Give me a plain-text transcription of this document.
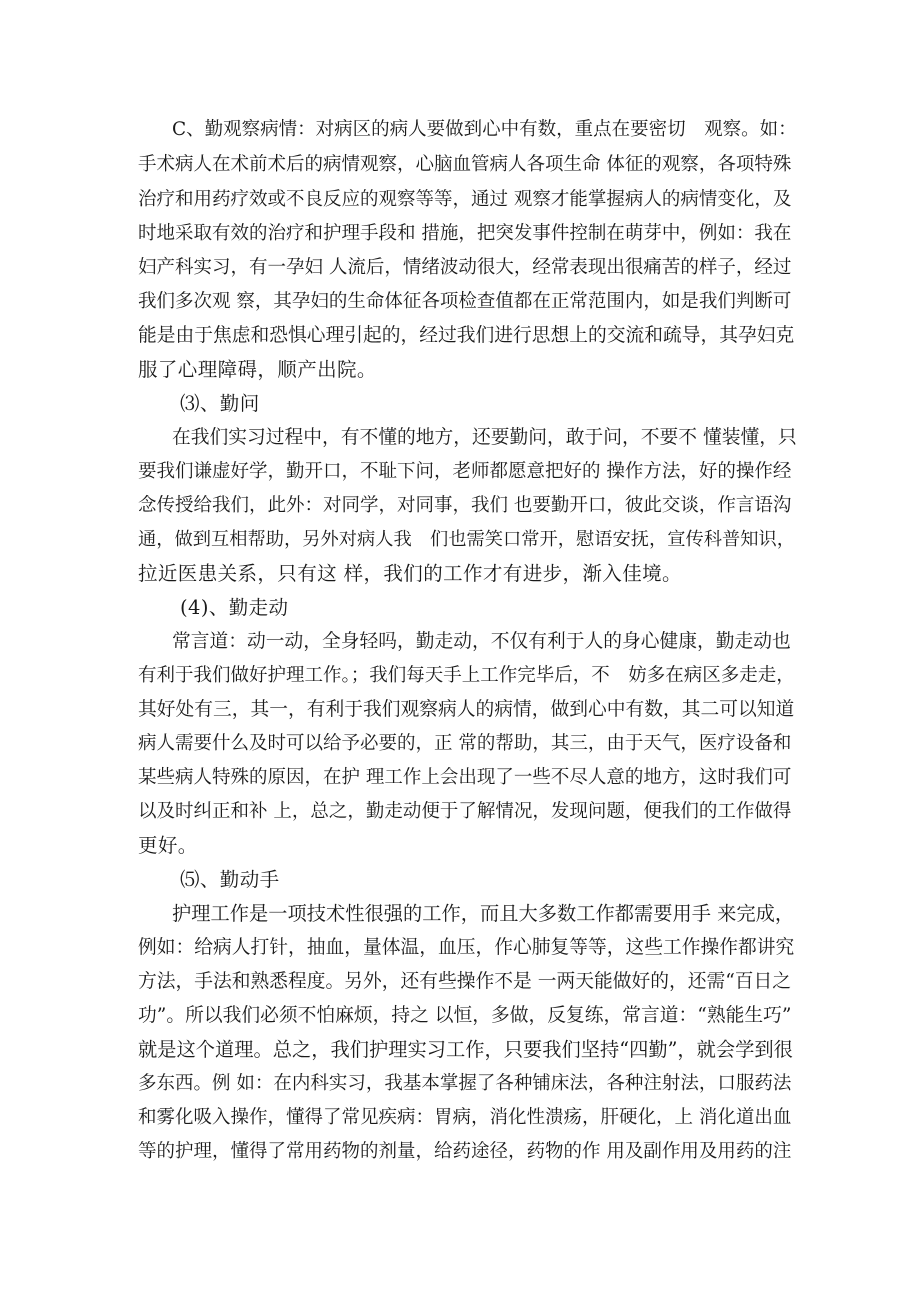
C、勤观察病情：对病区的病人要做到心中有数，重点在要密切　观察。如：
手术病人在术前术后的病情观察，心脑血管病人各项生命 体征的观察，各项特殊
治疗和用药疗效或不良反应的观察等等，通过 观察才能掌握病人的病情变化，及
时地采取有效的治疗和护理手段和 措施，把突发事件控制在萌芽中，例如：我在
妇产科实习，有一孕妇 人流后，情绪波动很大，经常表现出很痛苦的样子，经过
我们多次观 察，其孕妇的生命体征各项检查值都在正常范围内，如是我们判断可
能是由于焦虑和恐惧心理引起的，经过我们进行思想上的交流和疏导，其孕妇克
服了心理障碍，顺产出院。
⑶、勤问
在我们实习过程中，有不懂的地方，还要勤问，敢于问，不要不 懂装懂，只
要我们谦虚好学，勤开口，不耻下问，老师都愿意把好的 操作方法，好的操作经
念传授给我们，此外：对同学，对同事，我们 也要勤开口，彼此交谈，作言语沟
通，做到互相帮助，另外对病人我　们也需笑口常开，慰语安抚，宣传科普知识，
拉近医患关系，只有这 样，我们的工作才有进步，渐入佳境。
(4)、勤走动
常言道：动一动，全身轻吗，勤走动，不仅有利于人的身心健康，勤走动也
有利于我们做好护理工作。；我们每天手上工作完毕后，不　妨多在病区多走走，
其好处有三，其一，有利于我们观察病人的病情，做到心中有数，其二可以知道
病人需要什么及时可以给予必要的，正 常的帮助，其三，由于天气，医疗设备和
某些病人特殊的原因，在护 理工作上会出现了一些不尽人意的地方，这时我们可
以及时纠正和补 上，总之，勤走动便于了解情况，发现问题，便我们的工作做得
更好。
⑸、勤动手
护理工作是一项技术性很强的工作，而且大多数工作都需要用手 来完成，
例如：给病人打针，抽血，量体温，血压，作心肺复等等，这些工作操作都讲究
方法，手法和熟悉程度。另外，还有些操作不是 一两天能做好的，还需“百日之
功”。所以我们必须不怕麻烦，持之 以恒，多做，反复练，常言道：“熟能生巧”
就是这个道理。总之，我们护理实习工作，只要我们坚持“四勤”，就会学到很
多东西。例 如：在内科实习，我基本掌握了各种铺床法，各种注射法，口服药法
和雾化吸入操作，懂得了常见疾病：胃病，消化性溃疡，肝硬化，上 消化道出血
等的护理，懂得了常用药物的剂量，给药途径，药物的作 用及副作用及用药的注
